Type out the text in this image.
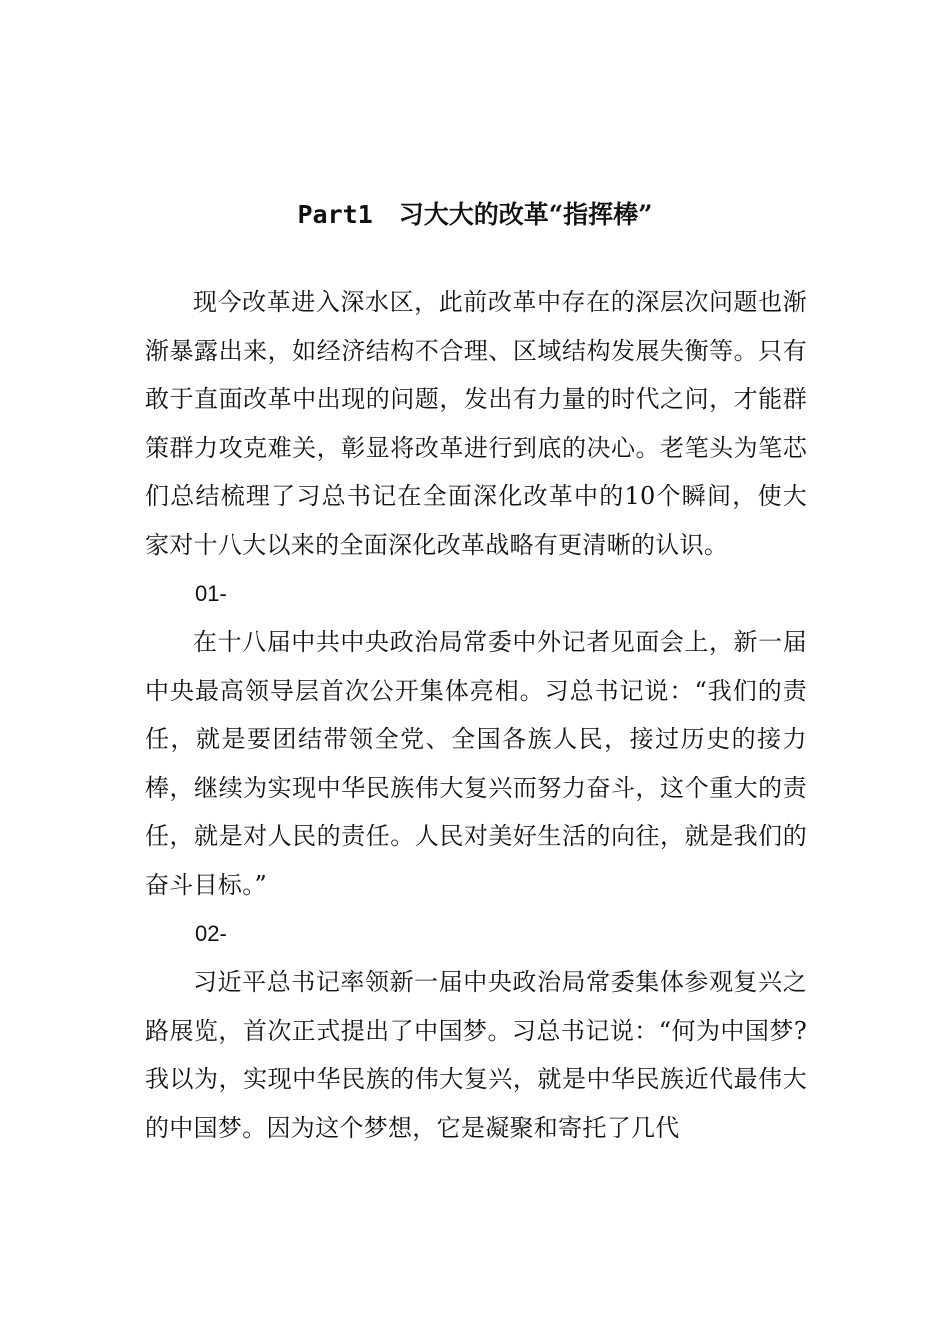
Part1 习大大的改革“指挥棒”

现今改革进入深水区，此前改革中存在的深层次问题也渐渐暴露出来，如经济结构不合理、区域结构发展失衡等。只有敢于直面改革中出现的问题，发出有力量的时代之问，才能群策群力攻克难关，彰显将改革进行到底的决心。老笔头为笔芯们总结梳理了习总书记在全面深化改革中的10个瞬间，使大家对十八大以来的全面深化改革战略有更清晰的认识。

01-

在十八届中共中央政治局常委中外记者见面会上，新一届中央最高领导层首次公开集体亮相。习总书记说：“我们的责任，就是要团结带领全党、全国各族人民，接过历史的接力棒，继续为实现中华民族伟大复兴而努力奋斗，这个重大的责任，就是对人民的责任。人民对美好生活的向往，就是我们的奋斗目标。”

02-

习近平总书记率领新一届中央政治局常委集体参观复兴之路展览，首次正式提出了中国梦。习总书记说：“何为中国梦?我以为，实现中华民族的伟大复兴，就是中华民族近代最伟大的中国梦。因为这个梦想，它是凝聚和寄托了几代
